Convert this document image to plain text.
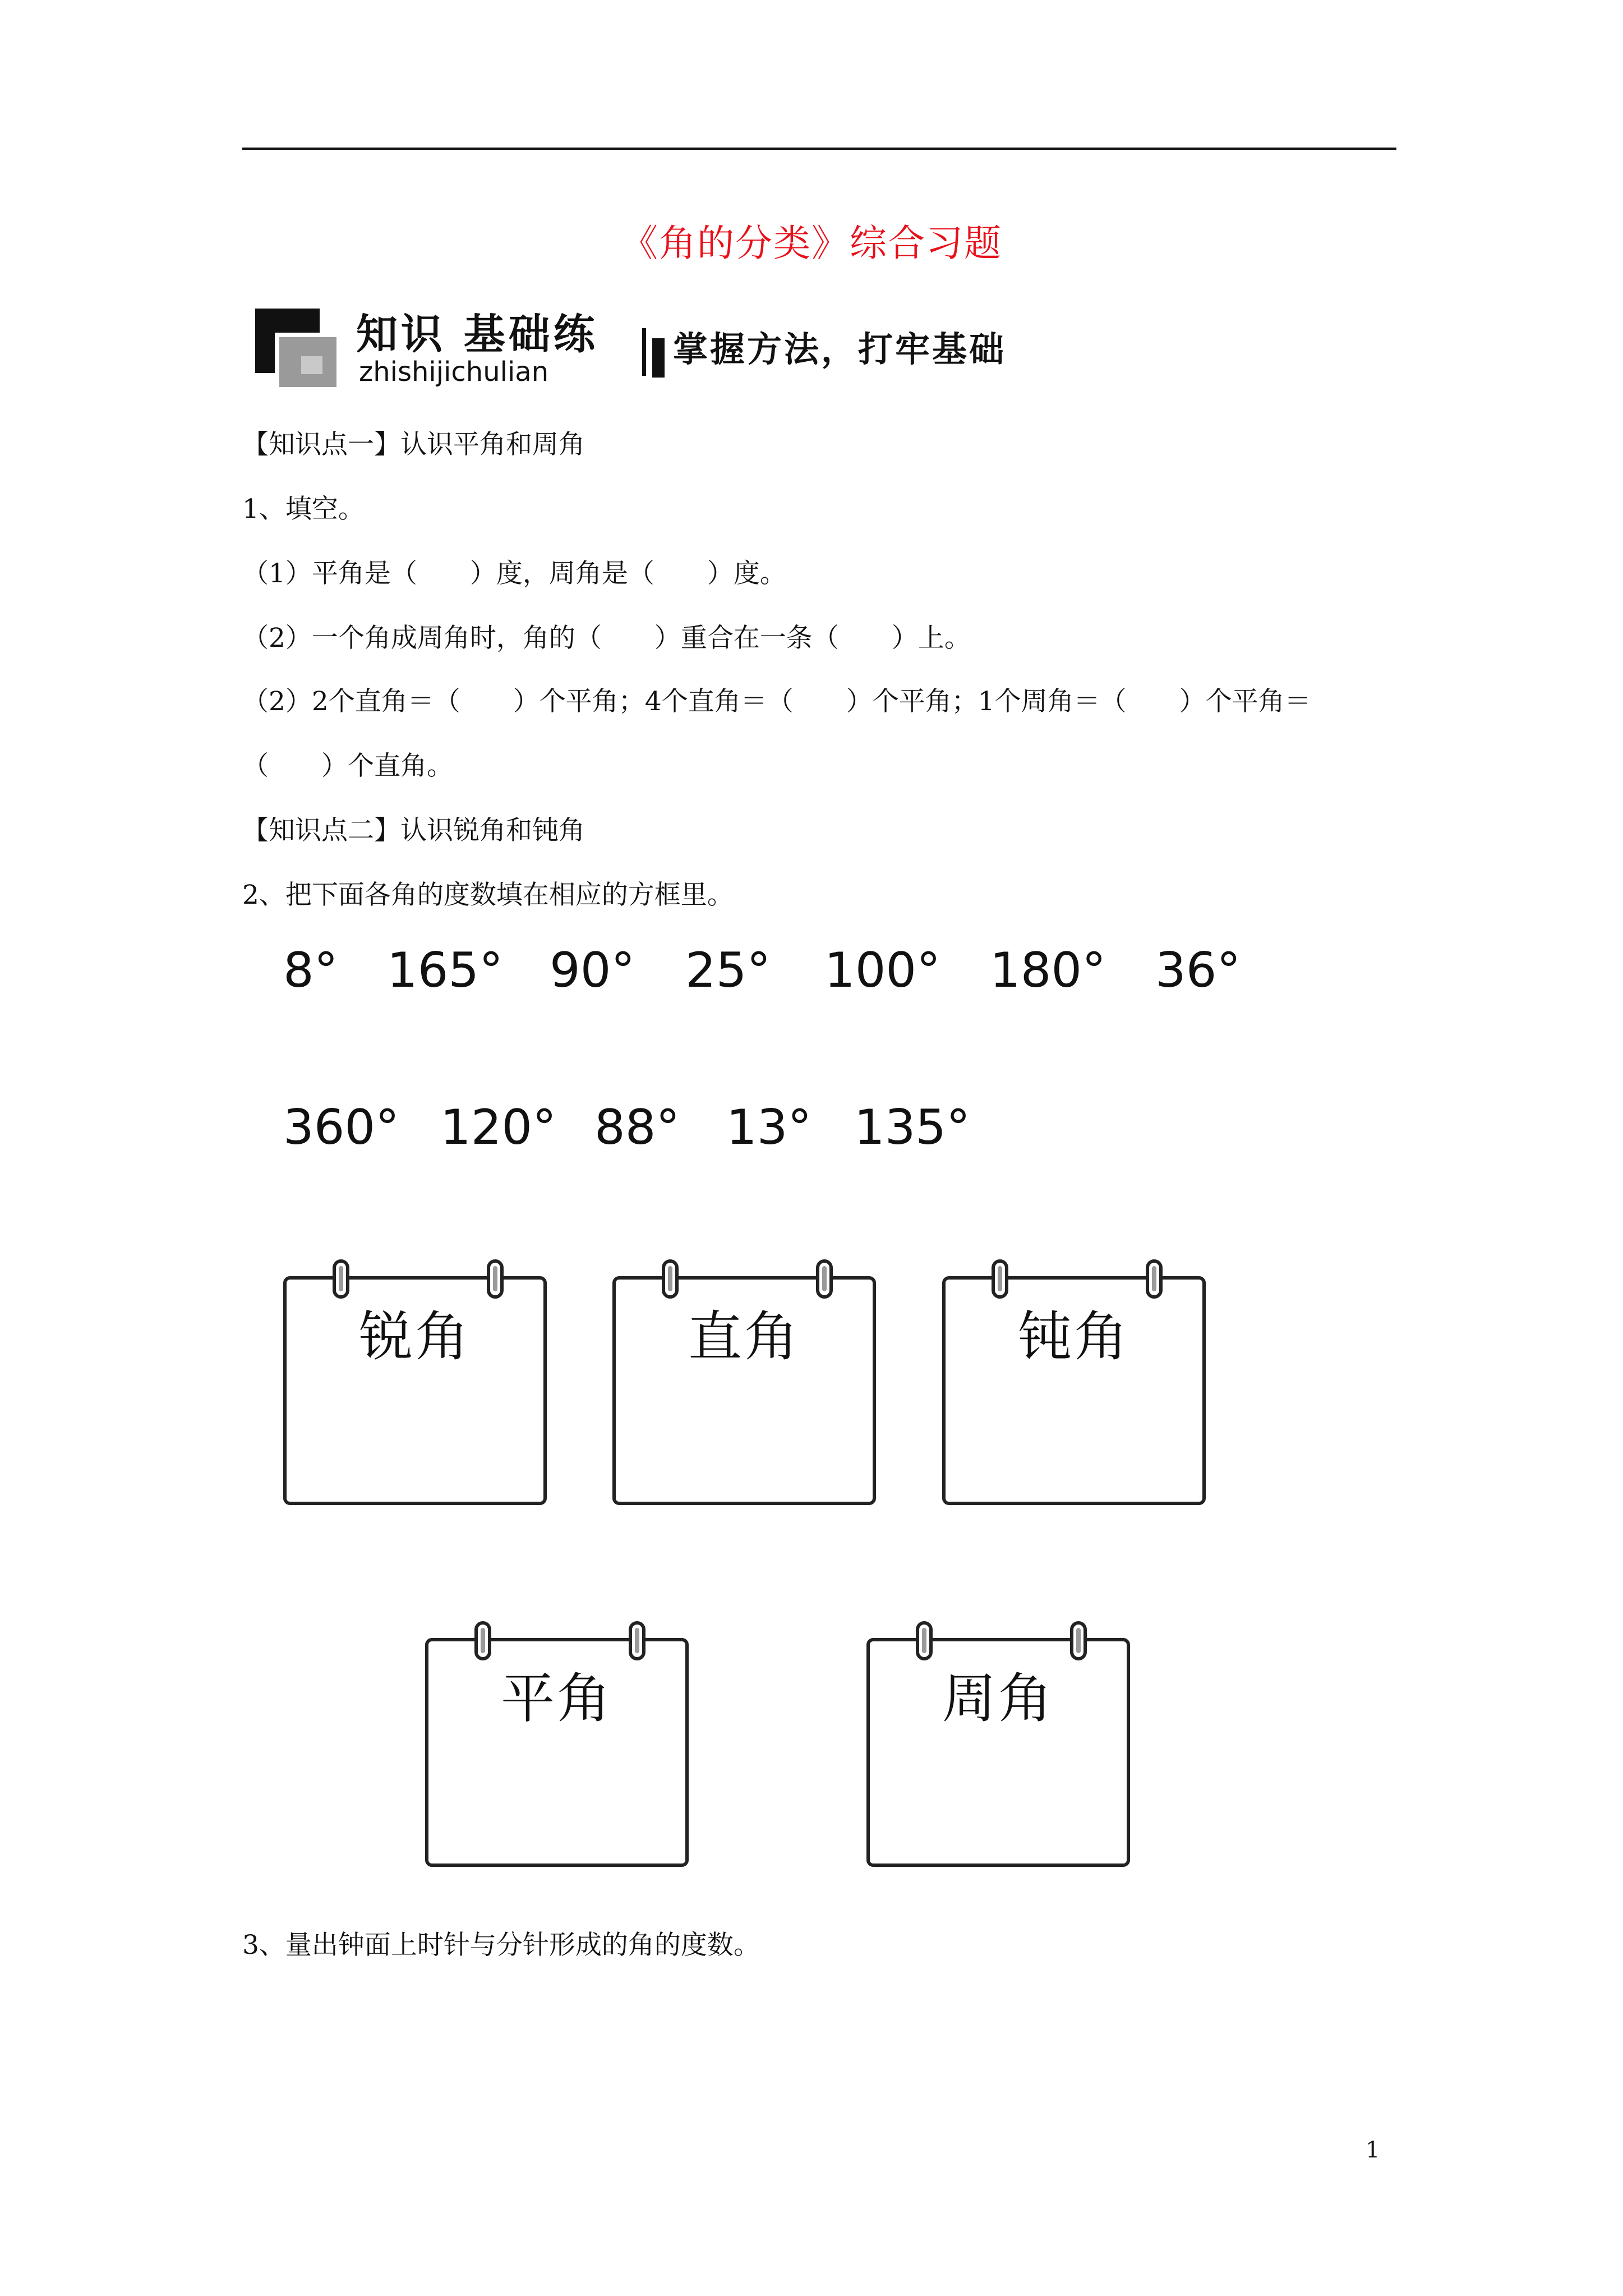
《角的分类》综合习题
知识 基础练
zhishijichulian
掌握方法，打牢基础
【知识点一】认识平角和周角
1、填空。
（1）平角是（　　）度，周角是（　　）度。
（2）一个角成周角时，角的（　　）重合在一条（　　）上。
（2）2个直角＝（　　）个平角；4个直角＝（　　）个平角；1个周角＝（　　）个平角＝
（　　）个直角。
【知识点二】认识锐角和钝角
2、把下面各角的度数填在相应的方框里。
8° 165° 90° 25° 100° 180° 36°
360° 120° 88° 13° 135°
锐角	直角	钝角
平角	周角
3、量出钟面上时针与分针形成的角的度数。
1
